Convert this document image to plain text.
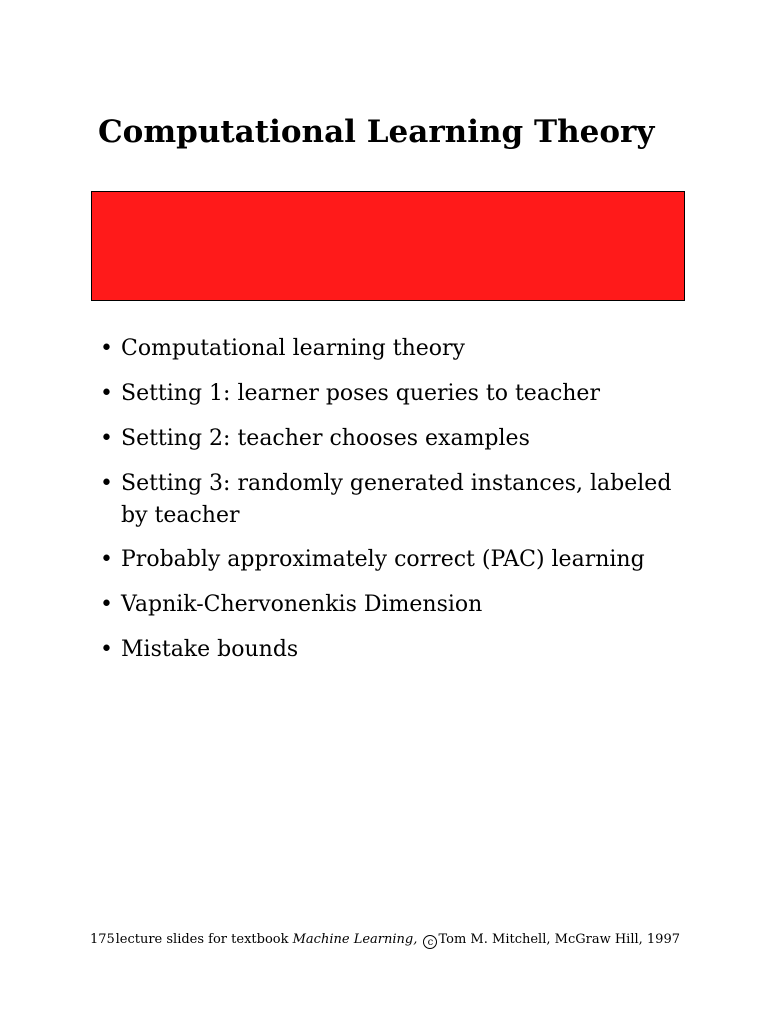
Computational Learning Theory
• Computational learning theory
• Setting 1: learner poses queries to teacher
• Setting 2: teacher chooses examples
• Setting 3: randomly generated instances, labeled by teacher
• Probably approximately correct (PAC) learning
• Vapnik-Chervonenkis Dimension
• Mistake bounds
175 lecture slides for textbook Machine Learning, c Tom M. Mitchell, McGraw Hill, 1997
